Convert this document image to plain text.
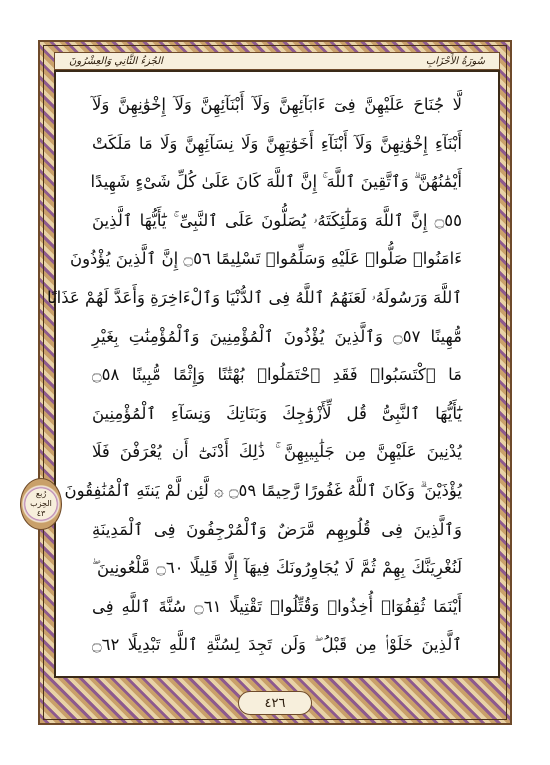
سُورَةُ الأَحْزَابِ
الجُزءُ الثَّانِي وَالعِشْرُونَ
لَّا جُنَاحَ عَلَيْهِنَّ فِىٓ ءَابَآئِهِنَّ وَلَآ أَبْنَآئِهِنَّ وَلَآ إِخْوَٰنِهِنَّ وَلَآ
أَبْنَآءِ إِخْوَٰنِهِنَّ وَلَآ أَبْنَآءِ أَخَوَٰتِهِنَّ وَلَا نِسَآئِهِنَّ وَلَا مَا مَلَكَتْ
أَيْمَٰنُهُنَّ ۗ وَٱتَّقِينَ ٱللَّهَ ۚ إِنَّ ٱللَّهَ كَانَ عَلَىٰ كُلِّ شَىْءٍ شَهِيدًا
۝٥٥ إِنَّ ٱللَّهَ وَمَلَٰٓئِكَتَهُۥ يُصَلُّونَ عَلَى ٱلنَّبِىِّ ۚ يَٰٓأَيُّهَا ٱلَّذِينَ
ءَامَنُوا۟ صَلُّوا۟ عَلَيْهِ وَسَلِّمُوا۟ تَسْلِيمًا ۝٥٦ إِنَّ ٱلَّذِينَ يُؤْذُونَ
ٱللَّهَ وَرَسُولَهُۥ لَعَنَهُمُ ٱللَّهُ فِى ٱلدُّنْيَا وَٱلْءَاخِرَةِ وَأَعَدَّ لَهُمْ عَذَابًا
مُّهِينًا ۝٥٧ وَٱلَّذِينَ يُؤْذُونَ ٱلْمُؤْمِنِينَ وَٱلْمُؤْمِنَٰتِ بِغَيْرِ
مَا ٱكْتَسَبُوا۟ فَقَدِ ٱحْتَمَلُوا۟ بُهْتَٰنًا وَإِثْمًا مُّبِينًا ۝٥٨
يَٰٓأَيُّهَا ٱلنَّبِىُّ قُل لِّأَزْوَٰجِكَ وَبَنَاتِكَ وَنِسَآءِ ٱلْمُؤْمِنِينَ
يُدْنِينَ عَلَيْهِنَّ مِن جَلَٰبِيبِهِنَّ ۚ ذَٰلِكَ أَدْنَىٰٓ أَن يُعْرَفْنَ فَلَا
يُؤْذَيْنَ ۗ وَكَانَ ٱللَّهُ غَفُورًا رَّحِيمًا ۝٥٩ ۞ لَّئِن لَّمْ يَنتَهِ ٱلْمُنَٰفِقُونَ
وَٱلَّذِينَ فِى قُلُوبِهِم مَّرَضٌ وَٱلْمُرْجِفُونَ فِى ٱلْمَدِينَةِ
لَنُغْرِيَنَّكَ بِهِمْ ثُمَّ لَا يُجَاوِرُونَكَ فِيهَآ إِلَّا قَلِيلًا ۝٦٠ مَّلْعُونِينَ ۖ
أَيْنَمَا ثُقِفُوٓا۟ أُخِذُوا۟ وَقُتِّلُوا۟ تَقْتِيلًا ۝٦١ سُنَّةَ ٱللَّهِ فِى
ٱلَّذِينَ خَلَوْا۟ مِن قَبْلُ ۖ وَلَن تَجِدَ لِسُنَّةِ ٱللَّهِ تَبْدِيلًا ۝٦٢
رُبع
الحِزب
٤٣
٤٢٦
